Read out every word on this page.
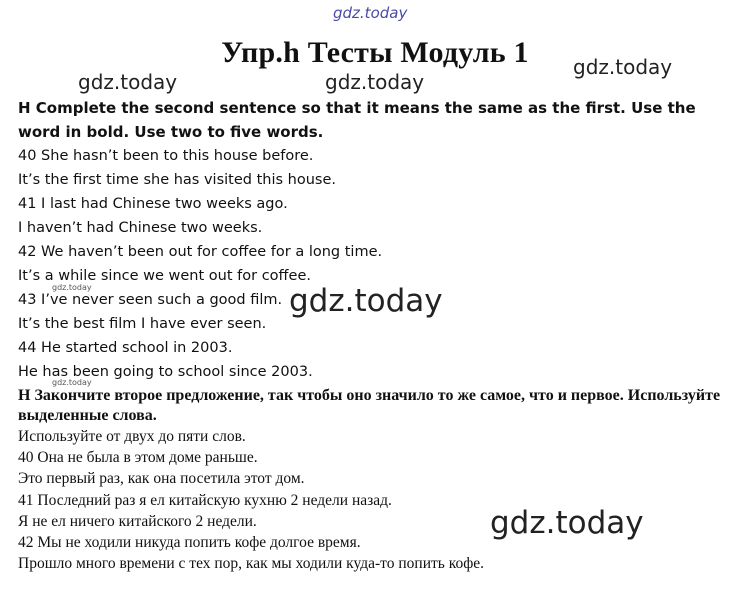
gdz.today
gdz.today
gdz.today	gdz.today
Упр.h Тесты Модуль 1

H Complete the second sentence so that it means the same as the first. Use the word in bold. Use two to five words.

40 She hasn’t been to this house before.

It’s the first time she has visited this house.

41 I last had Chinese two weeks ago.

I haven’t had Chinese two weeks.

42 We haven’t been out for coffee for a long time.

It’s a while since we went out for coffee.

43 I’ve never seen such a good film.

It’s the best film I have ever seen.

44 He started school in 2003.

He has been going to school since 2003.

Н Закончите второе предложение, так чтобы оно значило то же самое, что и первое. Используйте выделенные слова.

Используйте от двух до пяти слов.

40 Она не была в этом доме раньше.

Это первый раз, как она посетила этот дом.

41 Последний раз я ел китайскую кухню 2 недели назад.

Я не ел ничего китайского 2 недели.

42 Мы не ходили никуда попить кофе долгое время.

Прошло много времени с тех пор, как мы ходили куда-то попить кофе.

gdz.today
gdz.today
gdz.today
gdz.today
